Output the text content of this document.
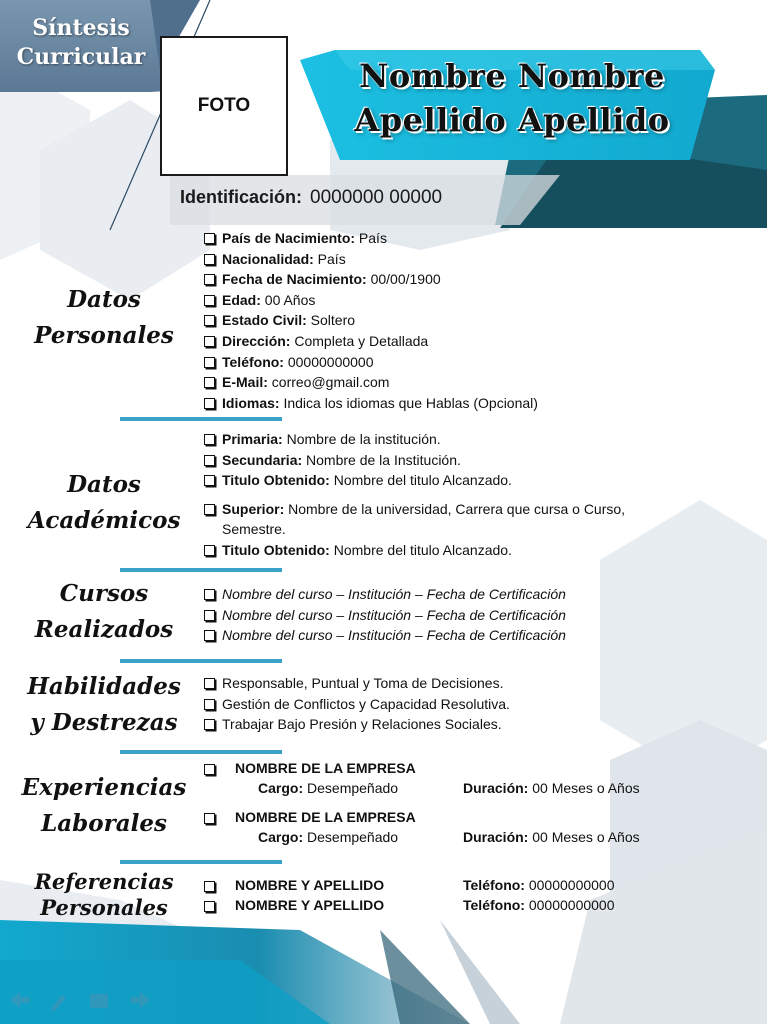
Síntesis
Curricular
FOTO
Nombre Nombre
Apellido Apellido
Identificación: 0000000 00000
Datos
Personales
País de Nacimiento: País
Nacionalidad: País
Fecha de Nacimiento: 00/00/1900
Edad: 00 Años
Estado Civil: Soltero
Dirección: Completa y Detallada
Teléfono: 00000000000
E-Mail: correo@gmail.com
Idiomas: Indica los idiomas que Hablas (Opcional)
Datos
Académicos
Primaria: Nombre de la institución.
Secundaria: Nombre de la Institución.
Titulo Obtenido: Nombre del titulo Alcanzado.
Superior: Nombre de la universidad, Carrera que cursa o Curso, Semestre.
Titulo Obtenido: Nombre del titulo Alcanzado.
Cursos
Realizados
Nombre del curso – Institución – Fecha de Certificación
Nombre del curso – Institución – Fecha de Certificación
Nombre del curso – Institución – Fecha de Certificación
Habilidades
y Destrezas
Responsable, Puntual y Toma de Decisiones.
Gestión de Conflictos y Capacidad Resolutiva.
Trabajar Bajo Presión y Relaciones Sociales.
Experiencias
Laborales
NOMBRE DE LA EMPRESA
Cargo: Desempeñado	Duración: 00 Meses o Años
NOMBRE DE LA EMPRESA
Cargo: Desempeñado	Duración: 00 Meses o Años
Referencias
Personales
NOMBRE Y APELLIDO	Teléfono: 00000000000
NOMBRE Y APELLIDO	Teléfono: 00000000000
